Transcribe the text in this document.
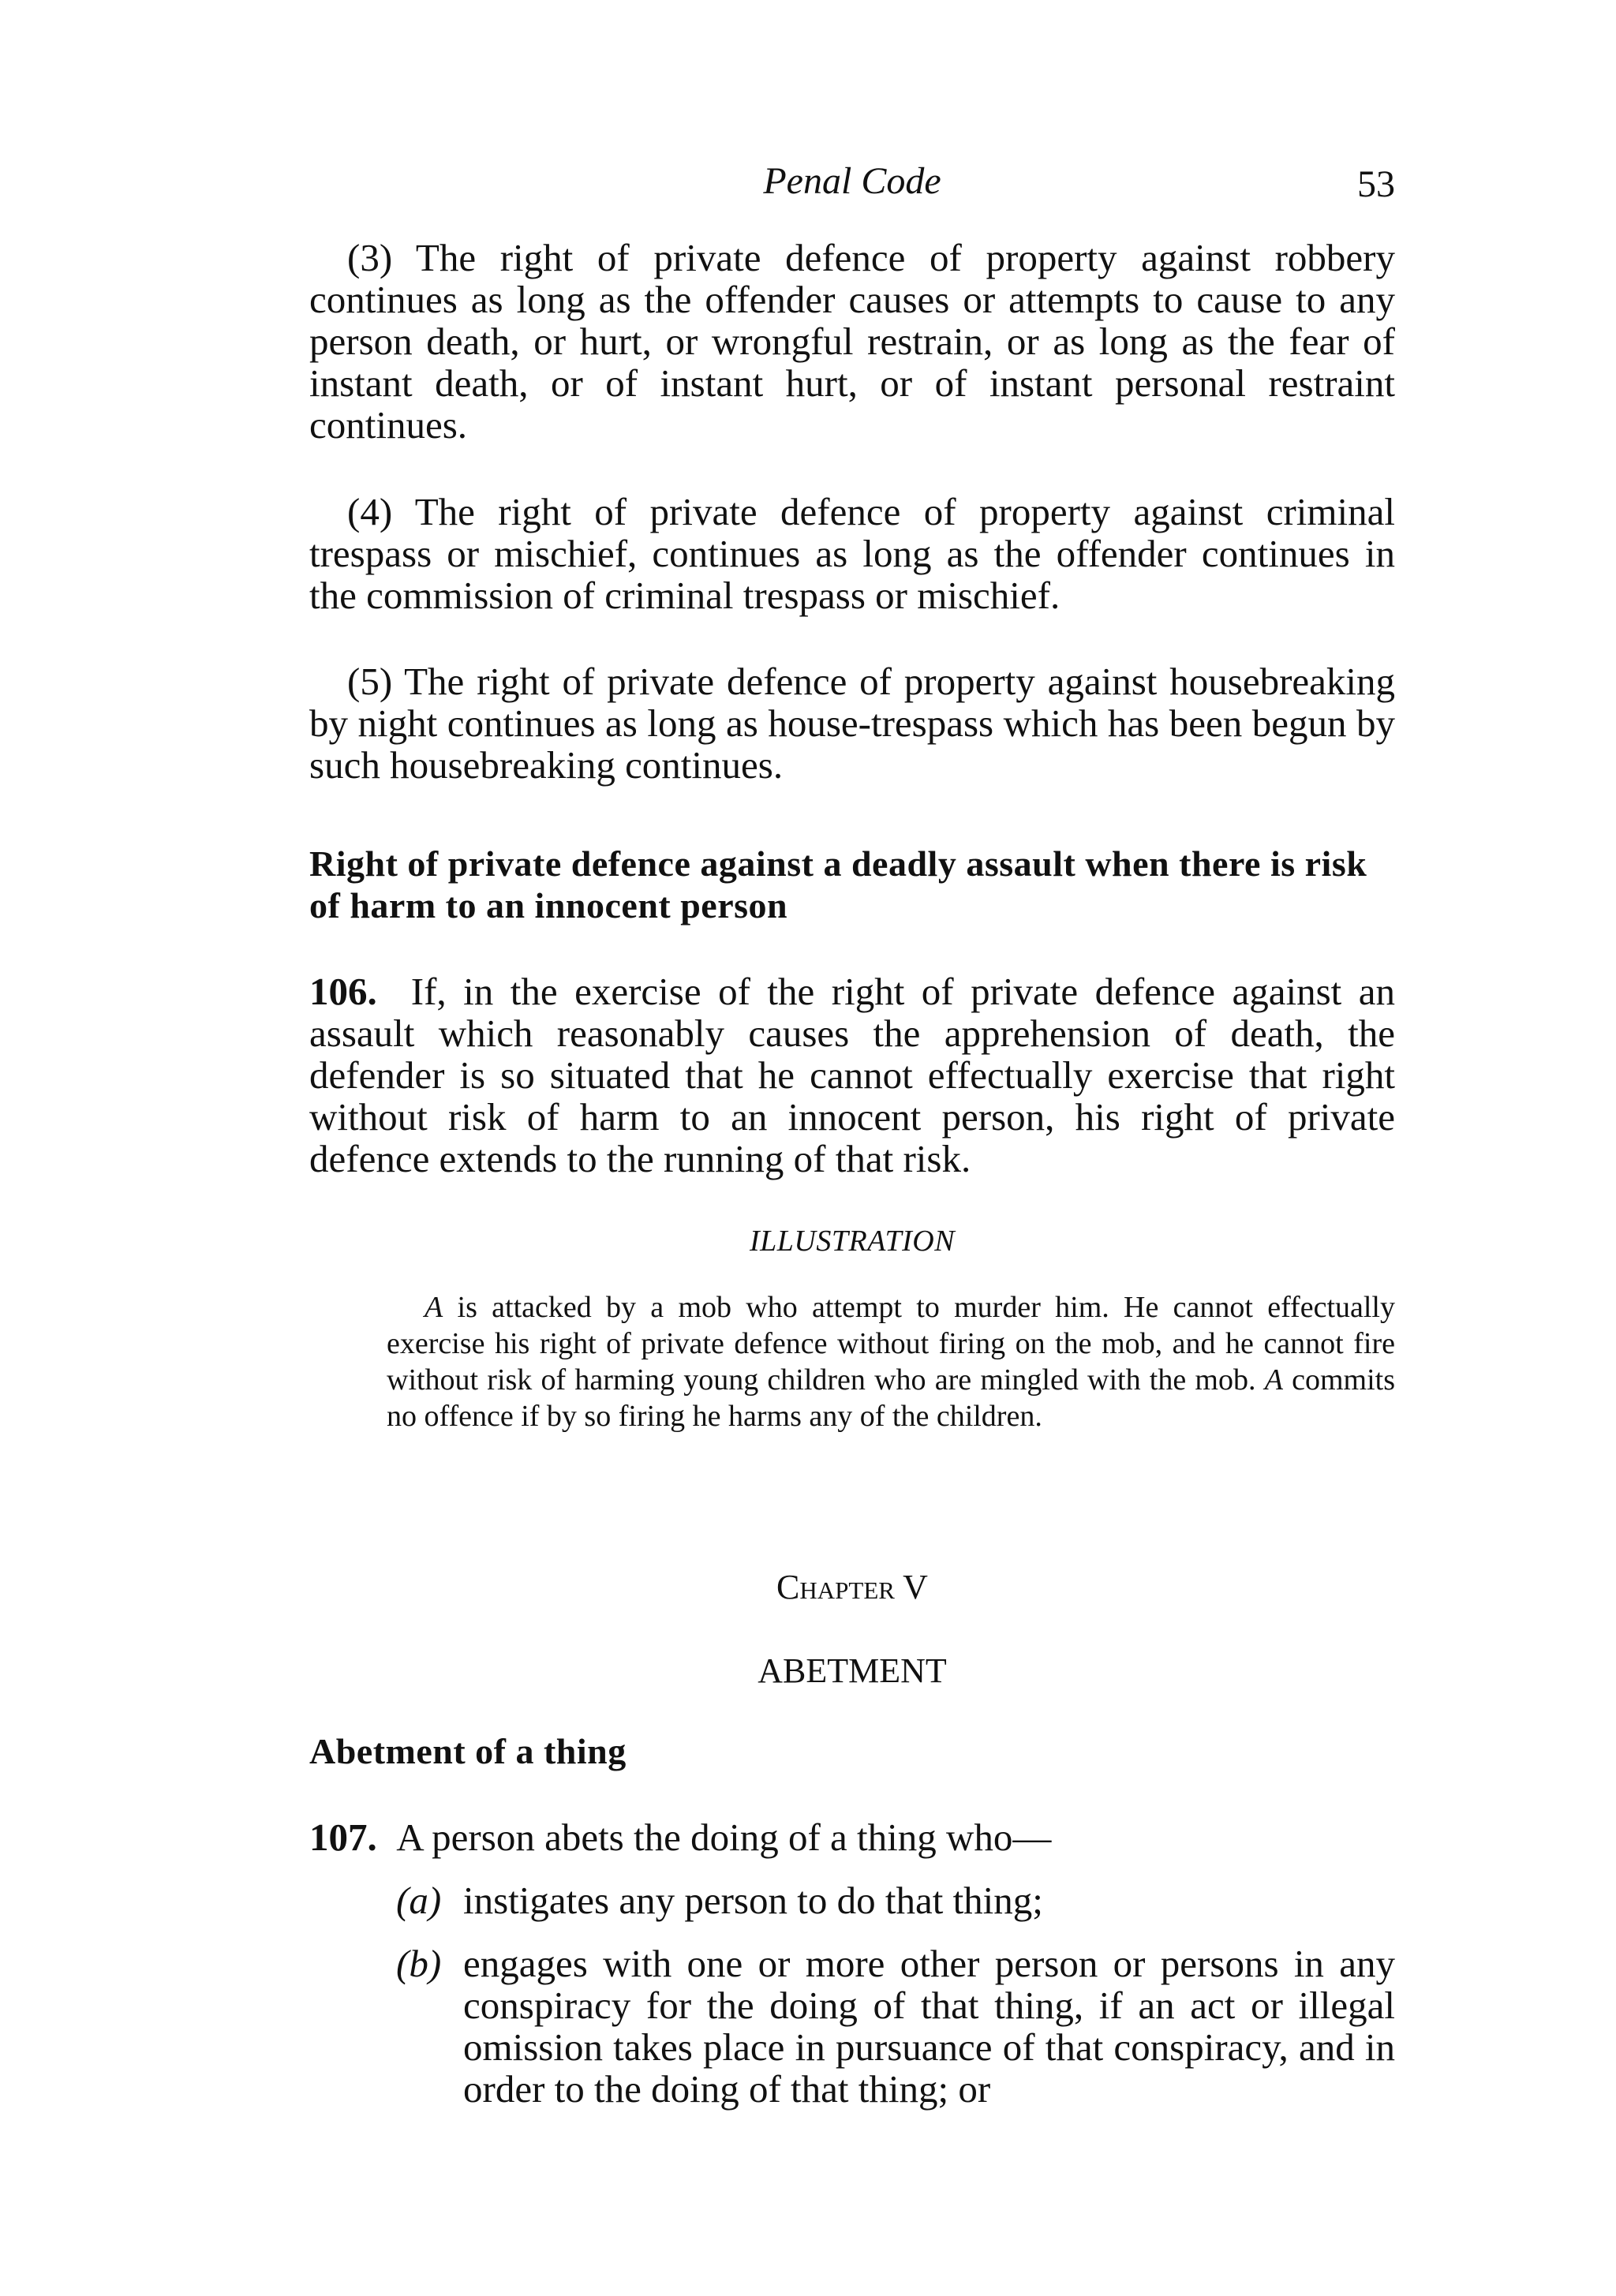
Penal Code	53

(3) The right of private defence of property against robbery continues as long as the offender causes or attempts to cause to any person death, or hurt, or wrongful restrain, or as long as the fear of instant death, or of instant hurt, or of instant personal restraint continues.

(4) The right of private defence of property against criminal trespass or mischief, continues as long as the offender continues in the commission of criminal trespass or mischief.

(5) The right of private defence of property against housebreaking by night continues as long as house-trespass which has been begun by such housebreaking continues.

Right of private defence against a deadly assault when there is risk of harm to an innocent person

106. If, in the exercise of the right of private defence against an assault which reasonably causes the apprehension of death, the defender is so situated that he cannot effectually exercise that right without risk of harm to an innocent person, his right of private defence extends to the running of that risk.

ILLUSTRATION

A is attacked by a mob who attempt to murder him. He cannot effectually exercise his right of private defence without firing on the mob, and he cannot fire without risk of harming young children who are mingled with the mob. A commits no offence if by so firing he harms any of the children.

Chapter V
ABETMENT

Abetment of a thing

107. A person abets the doing of a thing who—

(a) instigates any person to do that thing;
(b) engages with one or more other person or persons in any conspiracy for the doing of that thing, if an act or illegal omission takes place in pursuance of that conspiracy, and in order to the doing of that thing; or
